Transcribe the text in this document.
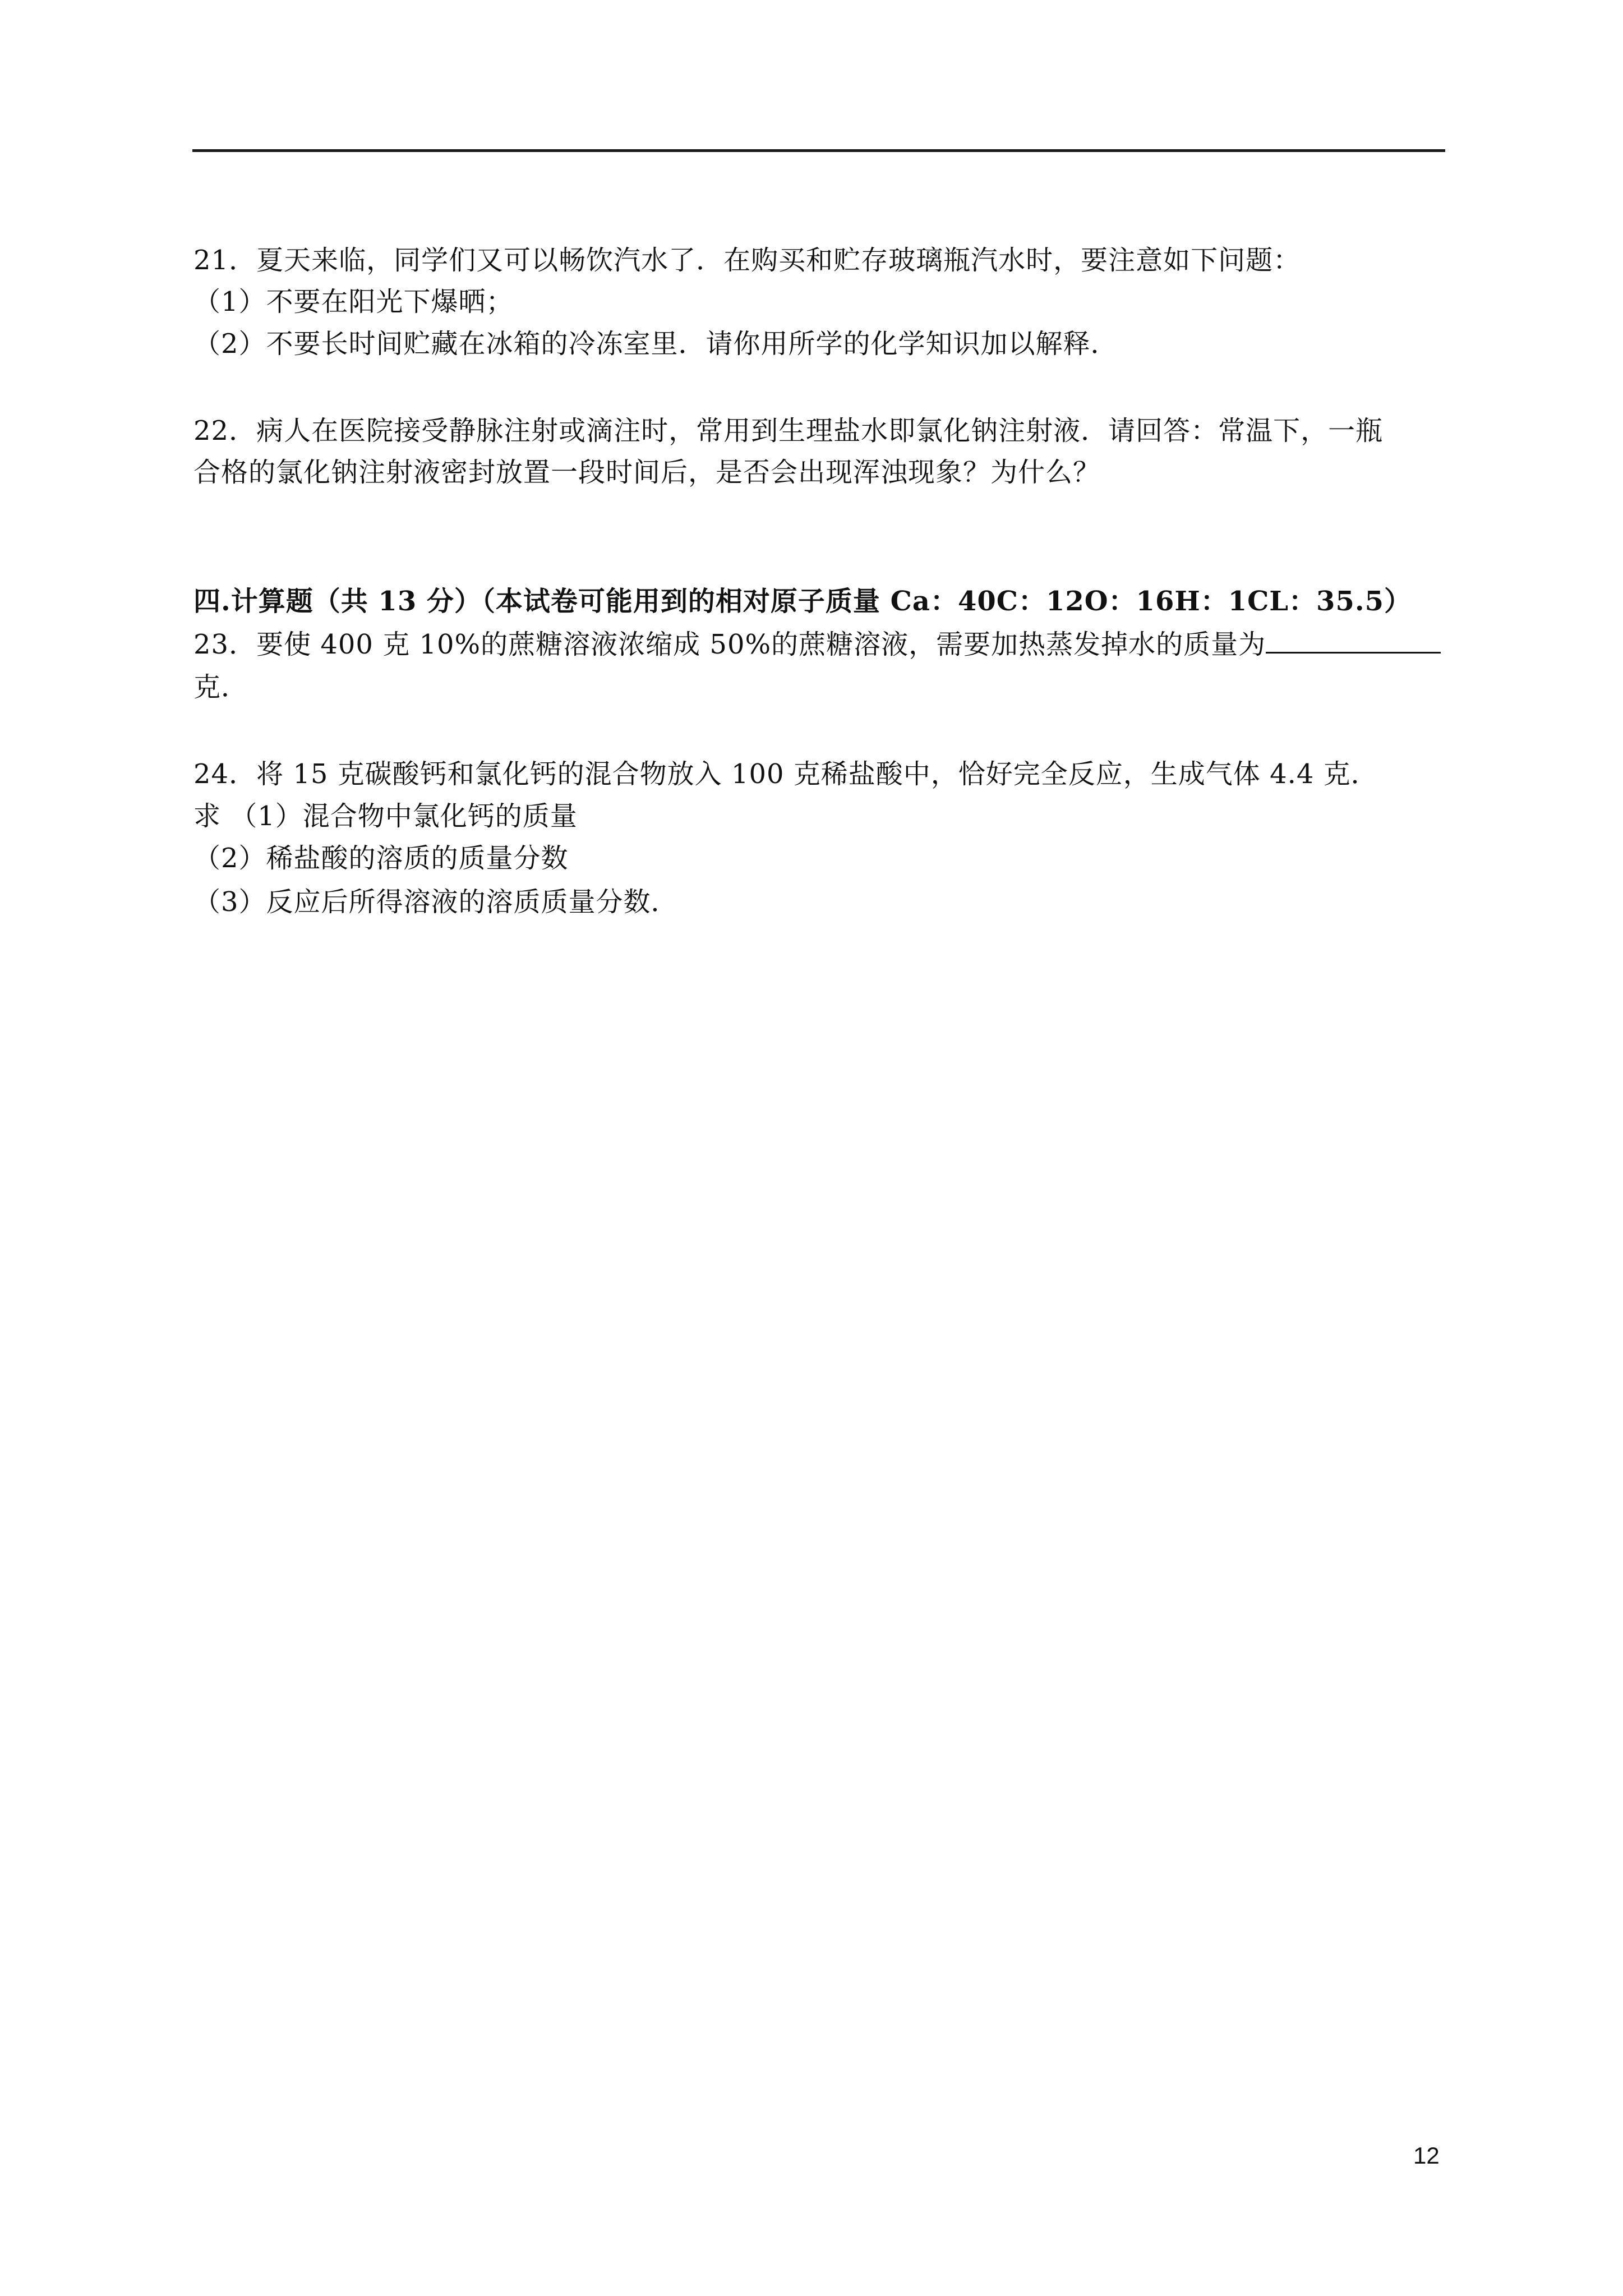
21．夏天来临，同学们又可以畅饮汽水了．在购买和贮存玻璃瓶汽水时，要注意如下问题：
（1）不要在阳光下爆晒；
（2）不要长时间贮藏在冰箱的冷冻室里．请你用所学的化学知识加以解释．
22．病人在医院接受静脉注射或滴注时，常用到生理盐水即氯化钠注射液．请回答：常温下，一瓶
合格的氯化钠注射液密封放置一段时间后，是否会出现浑浊现象？为什么？
四.计算题（共 13 分）（本试卷可能用到的相对原子质量 Ca：40C：12O：16H：1CL：35.5）
23．要使 400 克 10%的蔗糖溶液浓缩成 50%的蔗糖溶液，需要加热蒸发掉水的质量为
克．
24．将 15 克碳酸钙和氯化钙的混合物放入 100 克稀盐酸中，恰好完全反应，生成气体 4.4 克．
求 （1）混合物中氯化钙的质量
（2）稀盐酸的溶质的质量分数
（3）反应后所得溶液的溶质质量分数．
12
